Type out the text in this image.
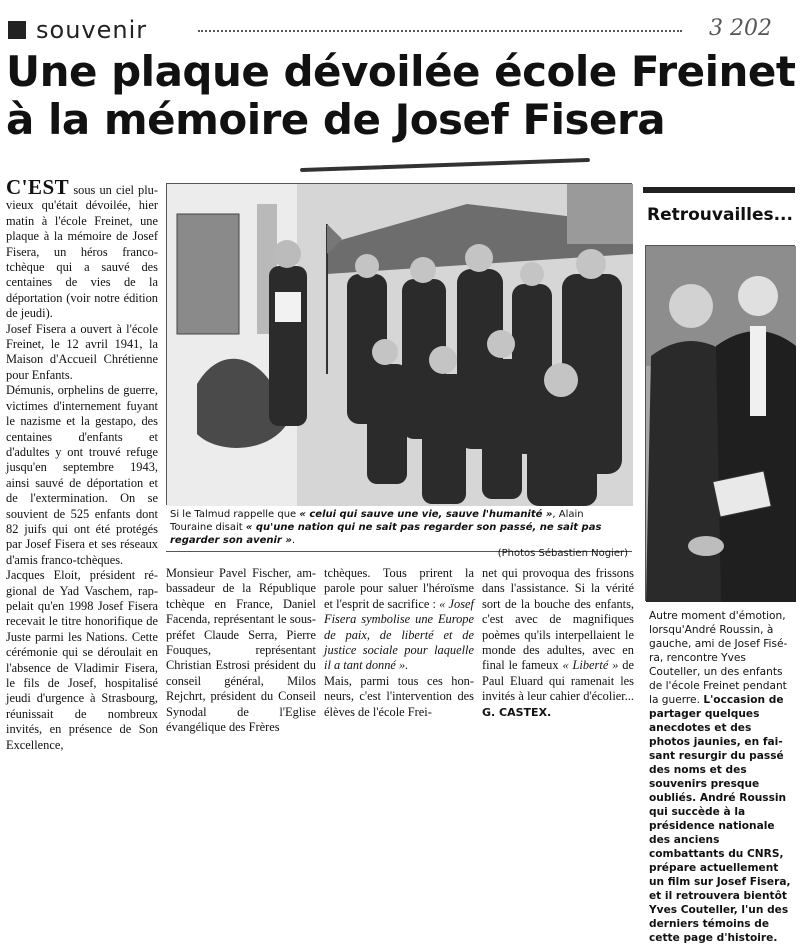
souvenir	3 202
Une plaque dévoilée école Freinet
à la mémoire de Josef Fisera

C'EST sous un ciel pluvieux qu'était dévoilée, hier matin à l'école Freinet, une plaque à la mémoire de Josef Fisera, un héros franco-tchèque qui a sauvé des centaines de vies de la déportation (voir notre édition de jeudi).

Josef Fisera a ouvert à l'école Freinet, le 12 avril 1941, la Maison d'Accueil Chrétienne pour Enfants.

Démunis, orphelins de guerre, victimes d'internement fuyant le nazisme et la gestapo, des centaines d'enfants et d'adultes y ont trouvé refuge jusqu'en septembre 1943, ainsi sauvé de déportation et de l'extermination. On se souvient de 525 enfants dont 82 juifs qui ont été protégés par Josef Fisera et ses réseaux d'amis franco-tchèques.

Jacques Eloit, président régional de Yad Vaschem, rappelait qu'en 1998 Josef Fisera recevait le titre honorifique de Juste parmi les Nations. Cette cérémonie qui se déroulait en l'absence de Vladimir Fisera, le fils de Josef, hospitalisé jeudi d'urgence à Strasbourg, réunissait de nombreux invités, en présence de Son Excellence,

Si le Talmud rappelle que « celui qui sauve une vie, sauve l'humanité », Alain Touraine disait « qu'une nation qui ne sait pas regarder son passé, ne sait pas regarder son avenir ».
(Photos Sébastien Nogier)

Monsieur Pavel Fischer, ambassadeur de la République tchèque en France, Daniel Facenda, représentant le sous-préfet Claude Serra, Pierre Fouques, représentant Christian Estrosi président du conseil général, Milos Rejchrt, président du Conseil Synodal de l'Eglise évangélique des Frères

tchèques. Tous prirent la parole pour saluer l'héroïsme et l'esprit de sacrifice : « Josef Fisera symbolise une Europe de paix, de liberté et de justice sociale pour laquelle il a tant donné ».

Mais, parmi tous ces honneurs, c'est l'intervention des élèves de l'école Frei-

net qui provoqua des frissons dans l'assistance. Si la vérité sort de la bouche des enfants, c'est avec de magnifiques poèmes qu'ils interpellaient le monde des adultes, avec en final le fameux « Liberté » de Paul Eluard qui ramenait les invités à leur cahier d'écolier... G. CASTEX.

Retrouvailles...
Autre moment d'émotion, lorsqu'André Roussin, à gauche, ami de Josef Fiséra, rencontre Yves Couteller, un des enfants de l'école Freinet pendant la guerre. L'occasion de partager quelques anecdotes et des photos jaunies, en faisant resurgir du passé des noms et des souvenirs presque oubliés. André Roussin qui succède à la présidence nationale des anciens combattants du CNRS, prépare actuellement un film sur Josef Fisera, et il retrouvera bientôt Yves Couteller, l'un des derniers témoins de cette page d'histoire.
